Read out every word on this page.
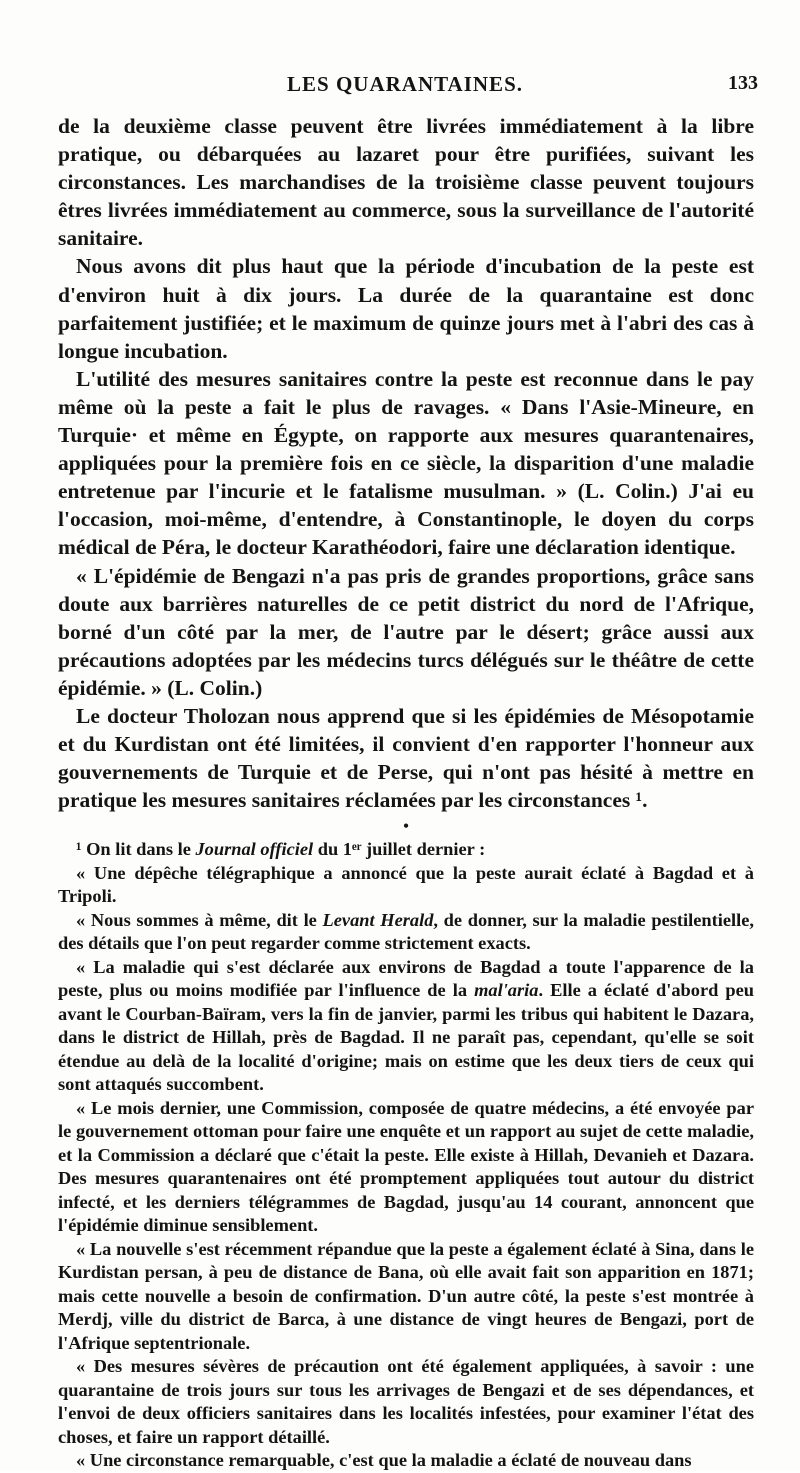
LES QUARANTAINES.	133

de la deuxième classe peuvent être livrées immédiatement à la libre pratique, ou débarquées au lazaret pour être purifiées, suivant les circonstances. Les marchandises de la troisième classe peuvent toujours êtres livrées immédiatement au commerce, sous la surveillance de l'autorité sanitaire.

Nous avons dit plus haut que la période d'incubation de la peste est d'environ huit à dix jours. La durée de la quarantaine est donc parfaitement justifiée; et le maximum de quinze jours met à l'abri des cas à longue incubation.

L'utilité des mesures sanitaires contre la peste est reconnue dans le pay même où la peste a fait le plus de ravages. « Dans l'Asie-Mineure, en Turquie· et même en Égypte, on rapporte aux mesures quarantenaires, appliquées pour la première fois en ce siècle, la disparition d'une maladie entretenue par l'incurie et le fatalisme musulman. » (L. Colin.) J'ai eu l'occasion, moi-même, d'entendre, à Constantinople, le doyen du corps médical de Péra, le docteur Karathéodori, faire une déclaration identique.

« L'épidémie de Bengazi n'a pas pris de grandes proportions, grâce sans doute aux barrières naturelles de ce petit district du nord de l'Afrique, borné d'un côté par la mer, de l'autre par le désert; grâce aussi aux précautions adoptées par les médecins turcs délégués sur le théâtre de cette épidémie. » (L. Colin.)

Le docteur Tholozan nous apprend que si les épidémies de Mésopotamie et du Kurdistan ont été limitées, il convient d'en rapporter l'honneur aux gouvernements de Turquie et de Perse, qui n'ont pas hésité à mettre en pratique les mesures sanitaires réclamées par les circonstances ¹.

•

¹ On lit dans le Journal officiel du 1ᵉʳ juillet dernier :

« Une dépêche télégraphique a annoncé que la peste aurait éclaté à Bagdad et à Tripoli.

« Nous sommes à même, dit le Levant Herald, de donner, sur la maladie pestilentielle, des détails que l'on peut regarder comme strictement exacts.

« La maladie qui s'est déclarée aux environs de Bagdad a toute l'apparence de la peste, plus ou moins modifiée par l'influence de la mal'aria. Elle a éclaté d'abord peu avant le Courban-Baïram, vers la fin de janvier, parmi les tribus qui habitent le Dazara, dans le district de Hillah, près de Bagdad. Il ne paraît pas, cependant, qu'elle se soit étendue au delà de la localité d'origine; mais on estime que les deux tiers de ceux qui sont attaqués succombent.

« Le mois dernier, une Commission, composée de quatre médecins, a été envoyée par le gouvernement ottoman pour faire une enquête et un rapport au sujet de cette maladie, et la Commission a déclaré que c'était la peste. Elle existe à Hillah, Devanieh et Dazara. Des mesures quarantenaires ont été promptement appliquées tout autour du district infecté, et les derniers télégrammes de Bagdad, jusqu'au 14 courant, annoncent que l'épidémie diminue sensiblement.

« La nouvelle s'est récemment répandue que la peste a également éclaté à Sina, dans le Kurdistan persan, à peu de distance de Bana, où elle avait fait son apparition en 1871; mais cette nouvelle a besoin de confirmation. D'un autre côté, la peste s'est montrée à Merdj, ville du district de Barca, à une distance de vingt heures de Bengazi, port de l'Afrique septentrionale.

« Des mesures sévères de précaution ont été également appliquées, à savoir : une quarantaine de trois jours sur tous les arrivages de Bengazi et de ses dépendances, et l'envoi de deux officiers sanitaires dans les localités infestées, pour examiner l'état des choses, et faire un rapport détaillé.

« Une circonstance remarquable, c'est que la maladie a éclaté de nouveau dans
